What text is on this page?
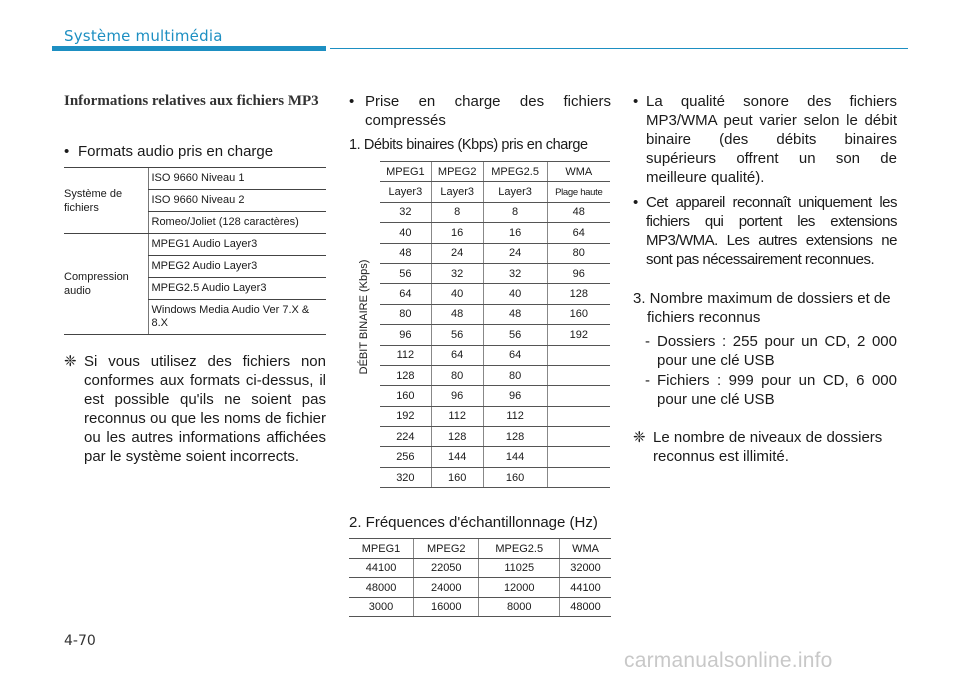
Système multimédia
Informations relatives aux fichiers MP3
• Formats audio pris en charge
Système de fichiers	ISO 9660 Niveau 1
	ISO 9660 Niveau 2
	Romeo/Joliet (128 caractères)
Compression audio	MPEG1 Audio Layer3
	MPEG2 Audio Layer3
	MPEG2.5 Audio Layer3
	Windows Media Audio Ver 7.X & 8.X
❈ Si vous utilisez des fichiers non conformes aux formats ci-dessus, il est possible qu'ils ne soient pas reconnus ou que les noms de fichier ou les autres informations affichées par le système soient incorrects.
• Prise en charge des fichiers compressés
1. Débits binaires (Kbps) pris en charge
DÉBIT BINAIRE (Kbps)
MPEG1	MPEG2	MPEG2.5	WMA
Layer3	Layer3	Layer3	Plage haute
32	8	8	48
40	16	16	64
48	24	24	80
56	32	32	96
64	40	40	128
80	48	48	160
96	56	56	192
112	64	64	
128	80	80	
160	96	96	
192	112	112	
224	128	128	
256	144	144	
320	160	160	
2. Fréquences d'échantillonnage (Hz)
MPEG1	MPEG2	MPEG2.5	WMA
44100	22050	11025	32000
48000	24000	12000	44100
3000	16000	8000	48000
• La qualité sonore des fichiers MP3/WMA peut varier selon le débit binaire (des débits binaires supérieurs offrent un son de meilleure qualité).
• Cet appareil reconnaît uniquement les fichiers qui portent les extensions MP3/WMA. Les autres extensions ne sont pas nécessairement reconnues.
3. Nombre maximum de dossiers et de fichiers reconnus
- Dossiers : 255 pour un CD, 2 000 pour une clé USB
- Fichiers : 999 pour un CD, 6 000 pour une clé USB
❈ Le nombre de niveaux de dossiers reconnus est illimité.
4-70
carmanualsonline.info
